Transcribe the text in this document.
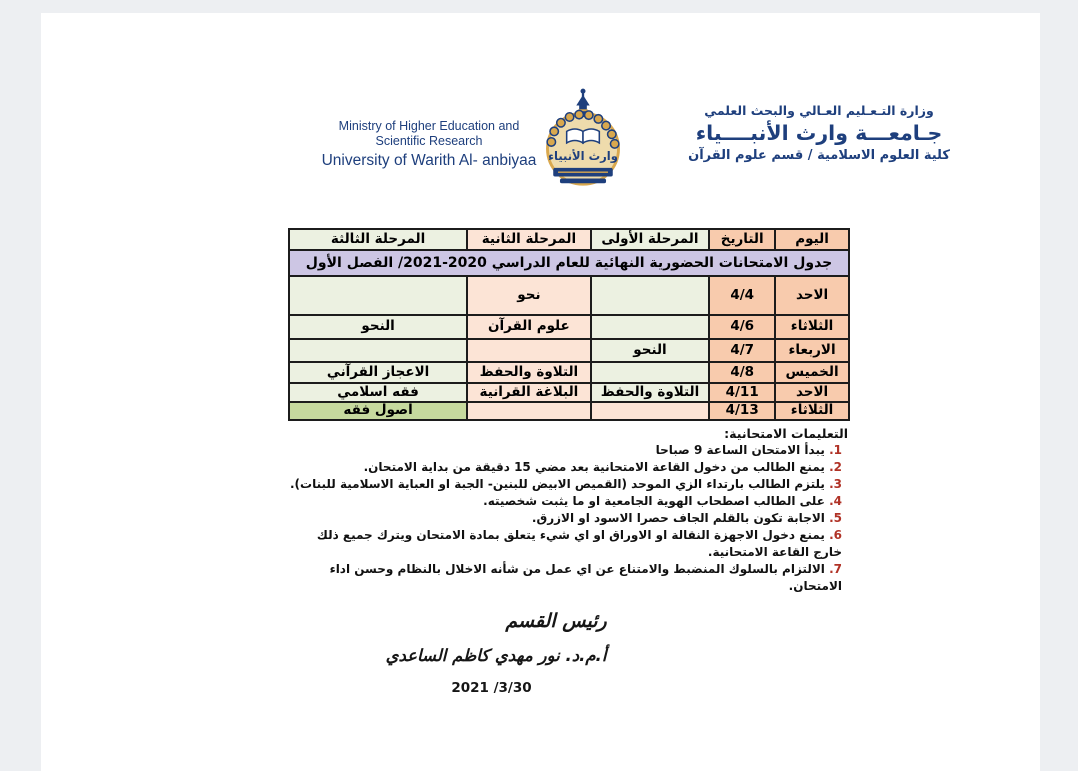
Ministry of Higher Education and
Scientific Research
University of Warith Al- anbiyaa وارث الأنبياء
وزارة التـعـليم العـالي والبحث العلمي
جـامعـــة وارث الأنبــــياء
كلية العلوم الاسلامية / قسم علوم القرآن
جدول الامتحانات الحضورية النهائية للعام الدراسي 2020-2021/ الفصل الأول				
اليوم	التاريخ	المرحلة الأولى	المرحلة الثانية	المرحلة الثالثة
الاحد	4/4		نحو	
الثلاثاء	4/6		علوم القرآن	النحو
الاربعاء	4/7	النحو		
الخميس	4/8		التلاوة والحفظ	الاعجاز القرآني
الاحد	4/11	التلاوة والحفظ	البلاغة القرانية	فقه اسلامي
الثلاثاء	4/13			اصول فقه
التعليمات الامتحانية:
1. يبدأ الامتحان الساعة 9 صباحا
2. يمنع الطالب من دخول القاعة الامتحانية بعد مضي 15 دقيقة من بداية الامتحان.
3. يلتزم الطالب بارتداء الزي الموحد (القميص الابيض للبنين- الجبة او العباية الاسلامية للبنات).
4. على الطالب اصطحاب الهوية الجامعية او ما يثبت شخصيته.
5. الاجابة تكون بالقلم الجاف حصرا الاسود او الازرق.
6. يمنع دخول الاجهزة النقالة او الاوراق او اي شيء يتعلق بمادة الامتحان ويترك جميع ذلك خارج القاعة الامتحانية.
7. الالتزام بالسلوك المنضبط والامتناع عن اي عمل من شأنه الاخلال بالنظام وحسن اداء الامتحان.
رئيس القسم
أ.م.د. نور مهدي كاظم الساعدي
2021 /3/30
